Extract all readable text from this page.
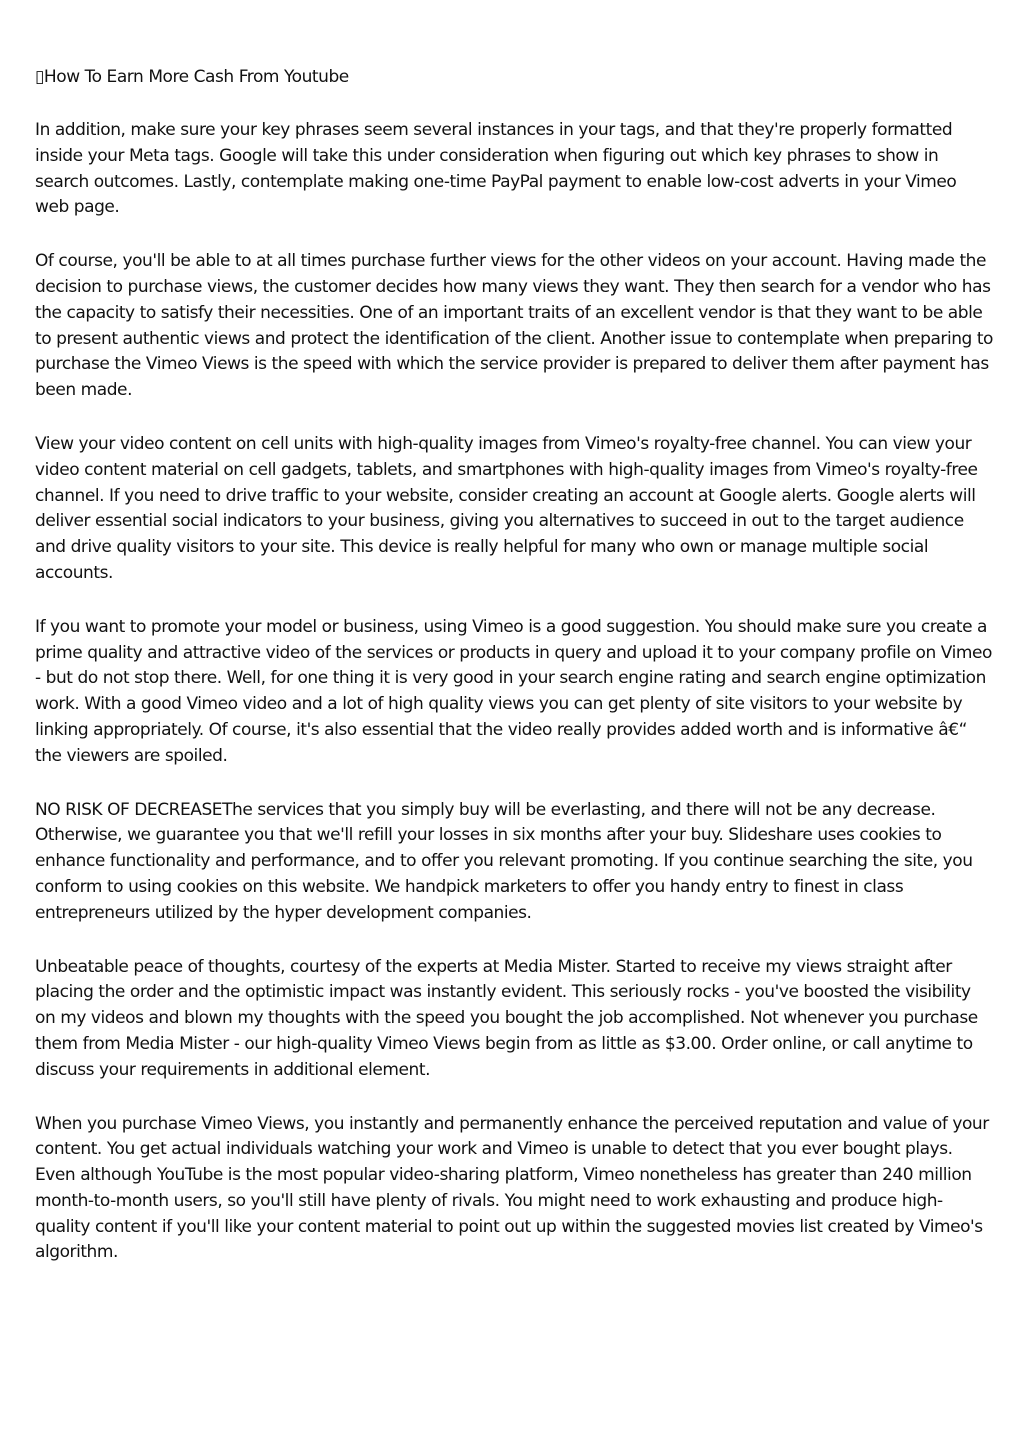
▯How To Earn More Cash From Youtube

In addition, make sure your key phrases seem several instances in your tags, and that they're properly formatted inside your Meta tags. Google will take this under consideration when figuring out which key phrases to show in search outcomes. Lastly, contemplate making one-time PayPal payment to enable low-cost adverts in your Vimeo web page.

Of course, you'll be able to at all times purchase further views for the other videos on your account. Having made the decision to purchase views, the customer decides how many views they want. They then search for a vendor who has the capacity to satisfy their necessities. One of an important traits of an excellent vendor is that they want to be able to present authentic views and protect the identification of the client. Another issue to contemplate when preparing to purchase the Vimeo Views is the speed with which the service provider is prepared to deliver them after payment has been made.

View your video content on cell units with high-quality images from Vimeo's royalty-free channel. You can view your video content material on cell gadgets, tablets, and smartphones with high-quality images from Vimeo's royalty-free channel. If you need to drive traffic to your website, consider creating an account at Google alerts. Google alerts will deliver essential social indicators to your business, giving you alternatives to succeed in out to the target audience and drive quality visitors to your site. This device is really helpful for many who own or manage multiple social accounts.

If you want to promote your model or business, using Vimeo is a good suggestion. You should make sure you create a prime quality and attractive video of the services or products in query and upload it to your company profile on Vimeo - but do not stop there. Well, for one thing it is very good in your search engine rating and search engine optimization work. With a good Vimeo video and a lot of high quality views you can get plenty of site visitors to your website by linking appropriately. Of course, it's also essential that the video really provides added worth and is informative â€“ the viewers are spoiled.

NO RISK OF DECREASEThe services that you simply buy will be everlasting, and there will not be any decrease. Otherwise, we guarantee you that we'll refill your losses in six months after your buy. Slideshare uses cookies to enhance functionality and performance, and to offer you relevant promoting. If you continue searching the site, you conform to using cookies on this website. We handpick marketers to offer you handy entry to finest in class entrepreneurs utilized by the hyper development companies.

Unbeatable peace of thoughts, courtesy of the experts at Media Mister. Started to receive my views straight after placing the order and the optimistic impact was instantly evident. This seriously rocks - you've boosted the visibility on my videos and blown my thoughts with the speed you bought the job accomplished. Not whenever you purchase them from Media Mister - our high-quality Vimeo Views begin from as little as $3.00. Order online, or call anytime to discuss your requirements in additional element.

When you purchase Vimeo Views, you instantly and permanently enhance the perceived reputation and value of your content. You get actual individuals watching your work and Vimeo is unable to detect that you ever bought plays. Even although YouTube is the most popular video-sharing platform, Vimeo nonetheless has greater than 240 million month-to-month users, so you'll still have plenty of rivals. You might need to work exhausting and produce high-quality content if you'll like your content material to point out up within the suggested movies list created by Vimeo's algorithm.
